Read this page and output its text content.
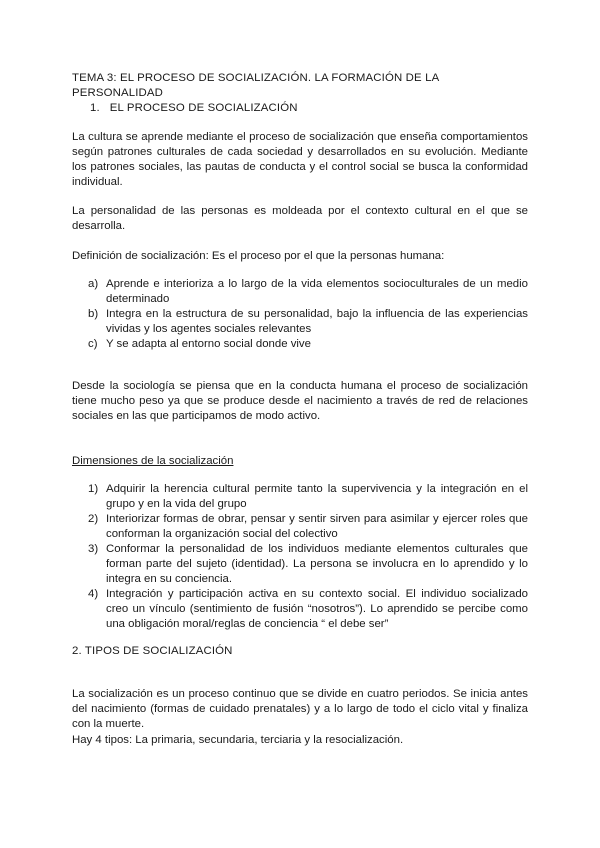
TEMA 3: EL PROCESO DE SOCIALIZACIÓN. LA FORMACIÓN DE LA PERSONALIDAD
1. EL PROCESO DE SOCIALIZACIÓN
La cultura se aprende mediante el proceso de socialización que enseña comportamientos según patrones culturales de cada sociedad y desarrollados en su evolución. Mediante los patrones sociales, las pautas de conducta y el control social se busca la conformidad individual.
La personalidad de las personas es moldeada por el contexto cultural en el que se desarrolla.
Definición de socialización: Es el proceso por el que la personas humana:
a) Aprende e interioriza a lo largo de la vida elementos socioculturales de un medio determinado
b) Integra en la estructura de su personalidad, bajo la influencia de las experiencias vividas y los agentes sociales relevantes
c) Y se adapta al entorno social donde vive
Desde la sociología se piensa que en la conducta humana el proceso de socialización tiene mucho peso ya que se produce desde el nacimiento a través de red de relaciones sociales en las que participamos de modo activo.
Dimensiones de la socialización
1) Adquirir la herencia cultural permite tanto la supervivencia y la integración en el grupo y en la vida del grupo
2) Interiorizar formas de obrar, pensar y sentir sirven para asimilar y ejercer roles que conforman la organización social del colectivo
3) Conformar la personalidad de los individuos mediante elementos culturales que forman parte del sujeto (identidad). La persona se involucra en lo aprendido y lo integra en su conciencia.
4) Integración y participación activa en su contexto social. El individuo socializado creo un vínculo (sentimiento de fusión “nosotros”). Lo aprendido se percibe como una obligación moral/reglas de conciencia “ el debe ser”
2. TIPOS DE SOCIALIZACIÓN
La socialización es un proceso continuo que se divide en cuatro periodos. Se inicia antes del nacimiento (formas de cuidado prenatales) y a lo largo de todo el ciclo vital y finaliza con la muerte.
Hay 4 tipos: La primaria, secundaria, terciaria y la resocialización.
